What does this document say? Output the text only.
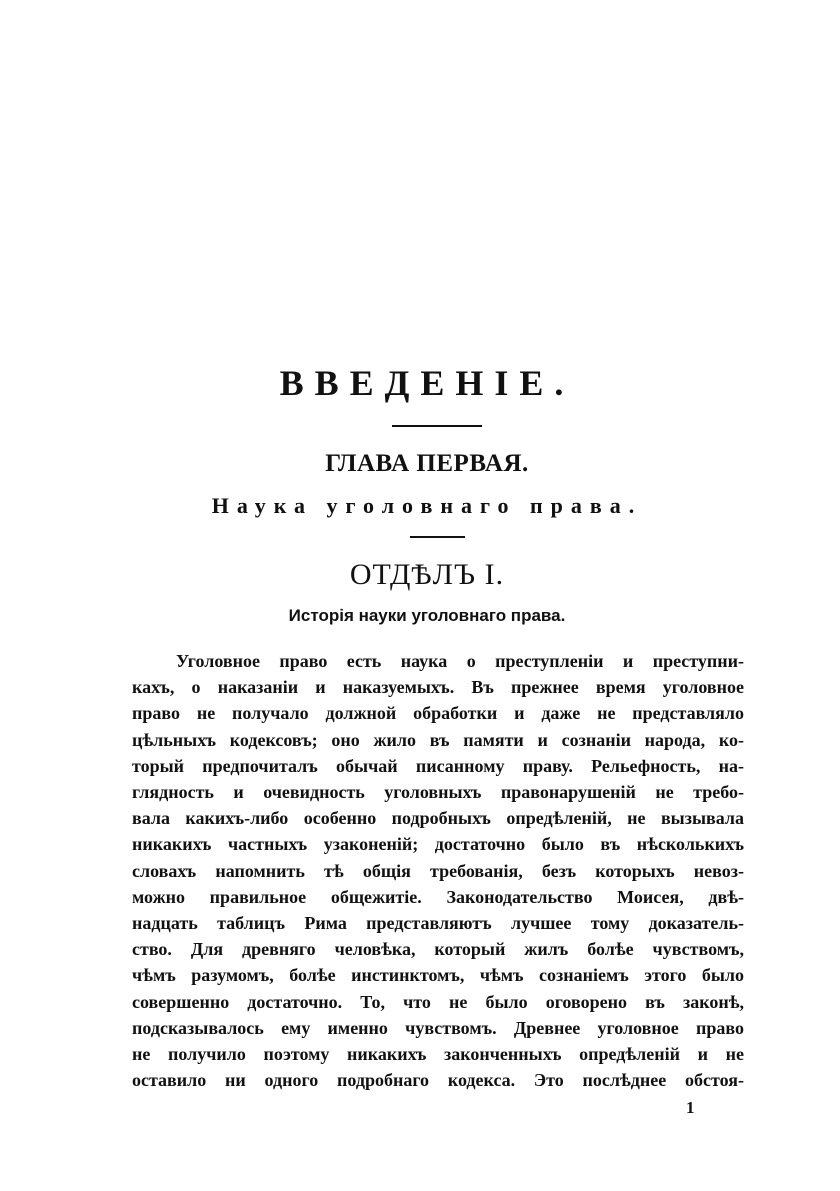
ВВЕДЕНІЕ.
ГЛАВА ПЕРВАЯ.
Наука уголовнаго права.
ОТДѢЛЪ I.
Исторія науки уголовнаго права.
Уголовное право есть наука о преступленіи и преступни-
кахъ, о наказаніи и наказуемыхъ. Въ прежнее время уголовное
право не получало должной обработки и даже не представляло
цѣльныхъ кодексовъ; оно жило въ памяти и сознаніи народа, ко-
торый предпочиталъ обычай писанному праву. Рельефность, на-
глядность и очевидность уголовныхъ правонарушеній не требо-
вала какихъ-либо особенно подробныхъ опредѣленій, не вызывала
никакихъ частныхъ узаконеній; достаточно было въ нѣсколькихъ
словахъ напомнить тѣ общія требованія, безъ которыхъ невоз-
можно правильное общежитіе. Законодательство Моисея, двѣ-
надцать таблицъ Рима представляютъ лучшее тому доказатель-
ство. Для древняго человѣка, который жилъ болѣе чувствомъ,
чѣмъ разумомъ, болѣе инстинктомъ, чѣмъ сознаніемъ этого было
совершенно достаточно. То, что не было оговорено въ законѣ,
подсказывалось ему именно чувствомъ. Древнее уголовное право
не получило поэтому никакихъ законченныхъ опредѣленій и не
оставило ни одного подробнаго кодекса. Это послѣднее обстоя-
1
